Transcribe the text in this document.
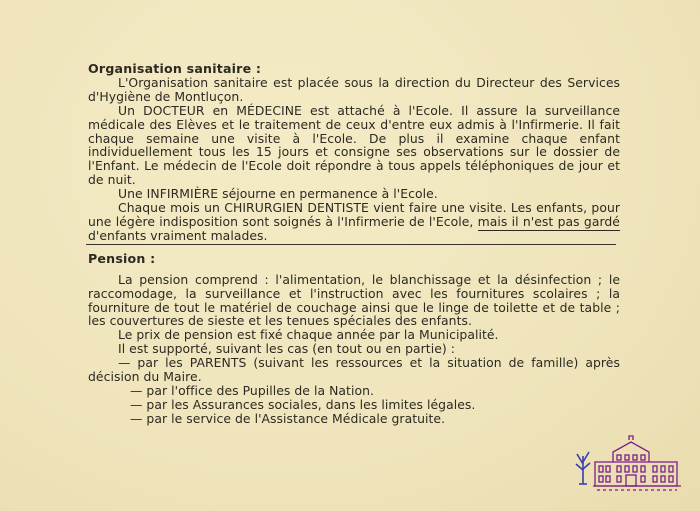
Organisation sanitaire :

L'Organisation sanitaire est placée sous la direction du Directeur des Services d'Hygiène de Montluçon.

Un DOCTEUR en MÉDECINE est attaché à l'Ecole. Il assure la surveillance médicale des Elèves et le traitement de ceux d'entre eux admis à l'Infirmerie. Il fait chaque semaine une visite à l'Ecole. De plus il examine chaque enfant individuellement tous les 15 jours et consigne ses observations sur le dossier de l'Enfant. Le médecin de l'Ecole doit répondre à tous appels téléphoniques de jour et de nuit.

Une INFIRMIÈRE séjourne en permanence à l'Ecole.

Chaque mois un CHIRURGIEN DENTISTE vient faire une visite. Les enfants, pour une légère indisposition sont soignés à l'Infirmerie de l'Ecole, mais il n'est pas gardé d'enfants vraiment malades.

Pension :

La pension comprend : l'alimentation, le blanchissage et la désinfection ; le raccomodage, la surveillance et l'instruction avec les fournitures scolaires ; la fourniture de tout le matériel de couchage ainsi que le linge de toilette et de table ; les couvertures de sieste et les tenues spéciales des enfants.

Le prix de pension est fixé chaque année par la Municipalité.

Il est supporté, suivant les cas (en tout ou en partie) :

— par les PARENTS (suivant les ressources et la situation de famille) après décision du Maire.

— par l'office des Pupilles de la Nation.

— par les Assurances sociales, dans les limites légales.

— par le service de l'Assistance Médicale gratuite.
